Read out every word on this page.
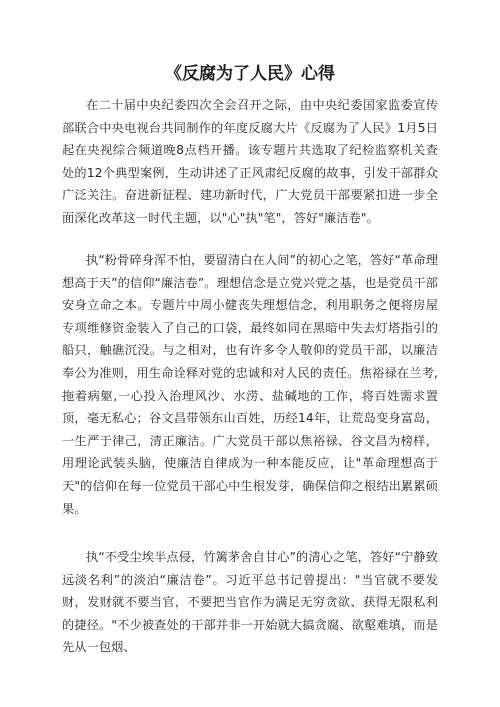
《反腐为了人民》心得

在二十届中央纪委四次全会召开之际，由中央纪委国家监委宣传部联合中央电视台共同制作的年度反腐大片《反腐为了人民》1月5日起在央视综合频道晚8点档开播。该专题片共选取了纪检监察机关查处的12个典型案例，生动讲述了正风肃纪反腐的故事，引发干部群众广泛关注。奋进新征程、建功新时代，广大党员干部要紧扣进一步全面深化改革这一时代主题，以"心"执"笔"，答好"廉洁卷"。

执“粉骨碎身浑不怕，要留清白在人间”的初心之笔，答好“革命理想高于天”的信仰“廉洁卷”。理想信念是立党兴党之基，也是党员干部安身立命之本。专题片中周小健丧失理想信念，利用职务之便将房屋专项维修资金装入了自己的口袋，最终如同在黑暗中失去灯塔指引的船只，触礁沉没。与之相对，也有许多令人敬仰的党员干部，以廉洁奉公为准则，用生命诠释对党的忠诚和对人民的责任。焦裕禄在兰考,拖着病躯,一心投入治理风沙、水涝、盐碱地的工作，将百姓需求置顶，毫无私心；谷文昌带领东山百姓，历经14年，让荒岛变身富岛，一生严于律己，清正廉洁。广大党员干部以焦裕禄、谷文昌为榜样，用理论武装头脑，使廉洁自律成为一种本能反应，让"革命理想高于天"的信仰在每一位党员干部心中生根发芽，确保信仰之根结出累累硕果。

执“不受尘埃半点侵，竹篱茅舍自甘心”的清心之笔，答好“宁静致远淡名利”的淡泊“廉洁卷”。习近平总书记曾提出："当官就不要发财，发财就不要当官，不要把当官作为满足无穷贪欲、获得无限私利的捷径。"不少被查处的干部并非一开始就大搞贪腐、欲壑难填，而是先从一包烟、
